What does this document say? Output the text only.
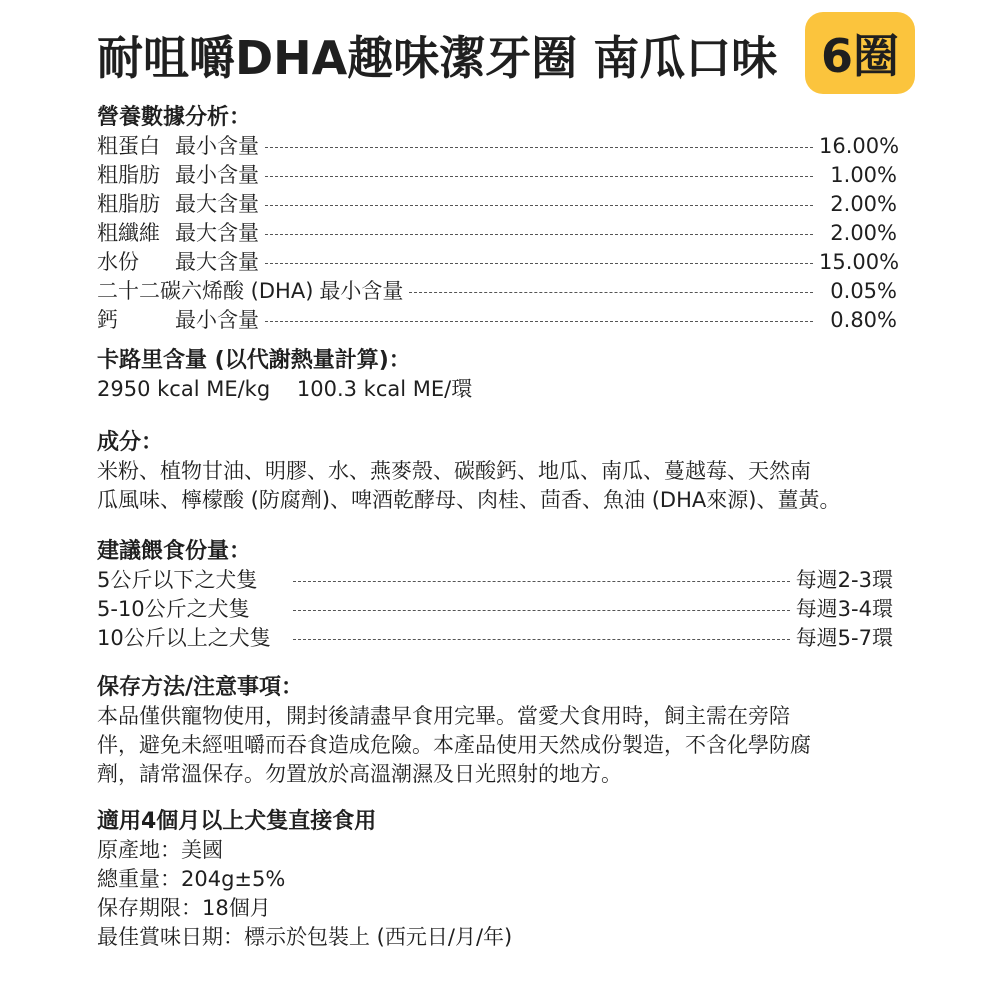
耐咀嚼DHA趣味潔牙圈 南瓜口味 6圈
營養數據分析：
粗蛋白 最小含量	16.00%
粗脂肪 最小含量	1.00%
粗脂肪 最大含量	2.00%
粗纖維 最大含量	2.00%
水份	最大含量	15.00%
二十二碳六烯酸 (DHA) 最小含量	0.05%
鈣	最小含量	0.80%
卡路里含量 (以代謝熱量計算)：
2950 kcal ME/kg    100.3 kcal ME/環
成分：
米粉、植物甘油、明膠、水、燕麥殼、碳酸鈣、地瓜、南瓜、蔓越莓、天然南
瓜風味、檸檬酸 (防腐劑)、啤酒乾酵母、肉桂、茴香、魚油 (DHA來源)、薑黃。
建議餵食份量：
5公斤以下之犬隻	每週2-3環
5-10公斤之犬隻	每週3-4環
10公斤以上之犬隻	每週5-7環
保存方法/注意事項：
本品僅供寵物使用，開封後請盡早食用完畢。當愛犬食用時，飼主需在旁陪
伴，避免未經咀嚼而吞食造成危險。本產品使用天然成份製造，不含化學防腐
劑，請常溫保存。勿置放於高溫潮濕及日光照射的地方。
適用4個月以上犬隻直接食用
原產地：美國
總重量：204g±5%
保存期限：18個月
最佳賞味日期：標示於包裝上 (西元日/月/年)
